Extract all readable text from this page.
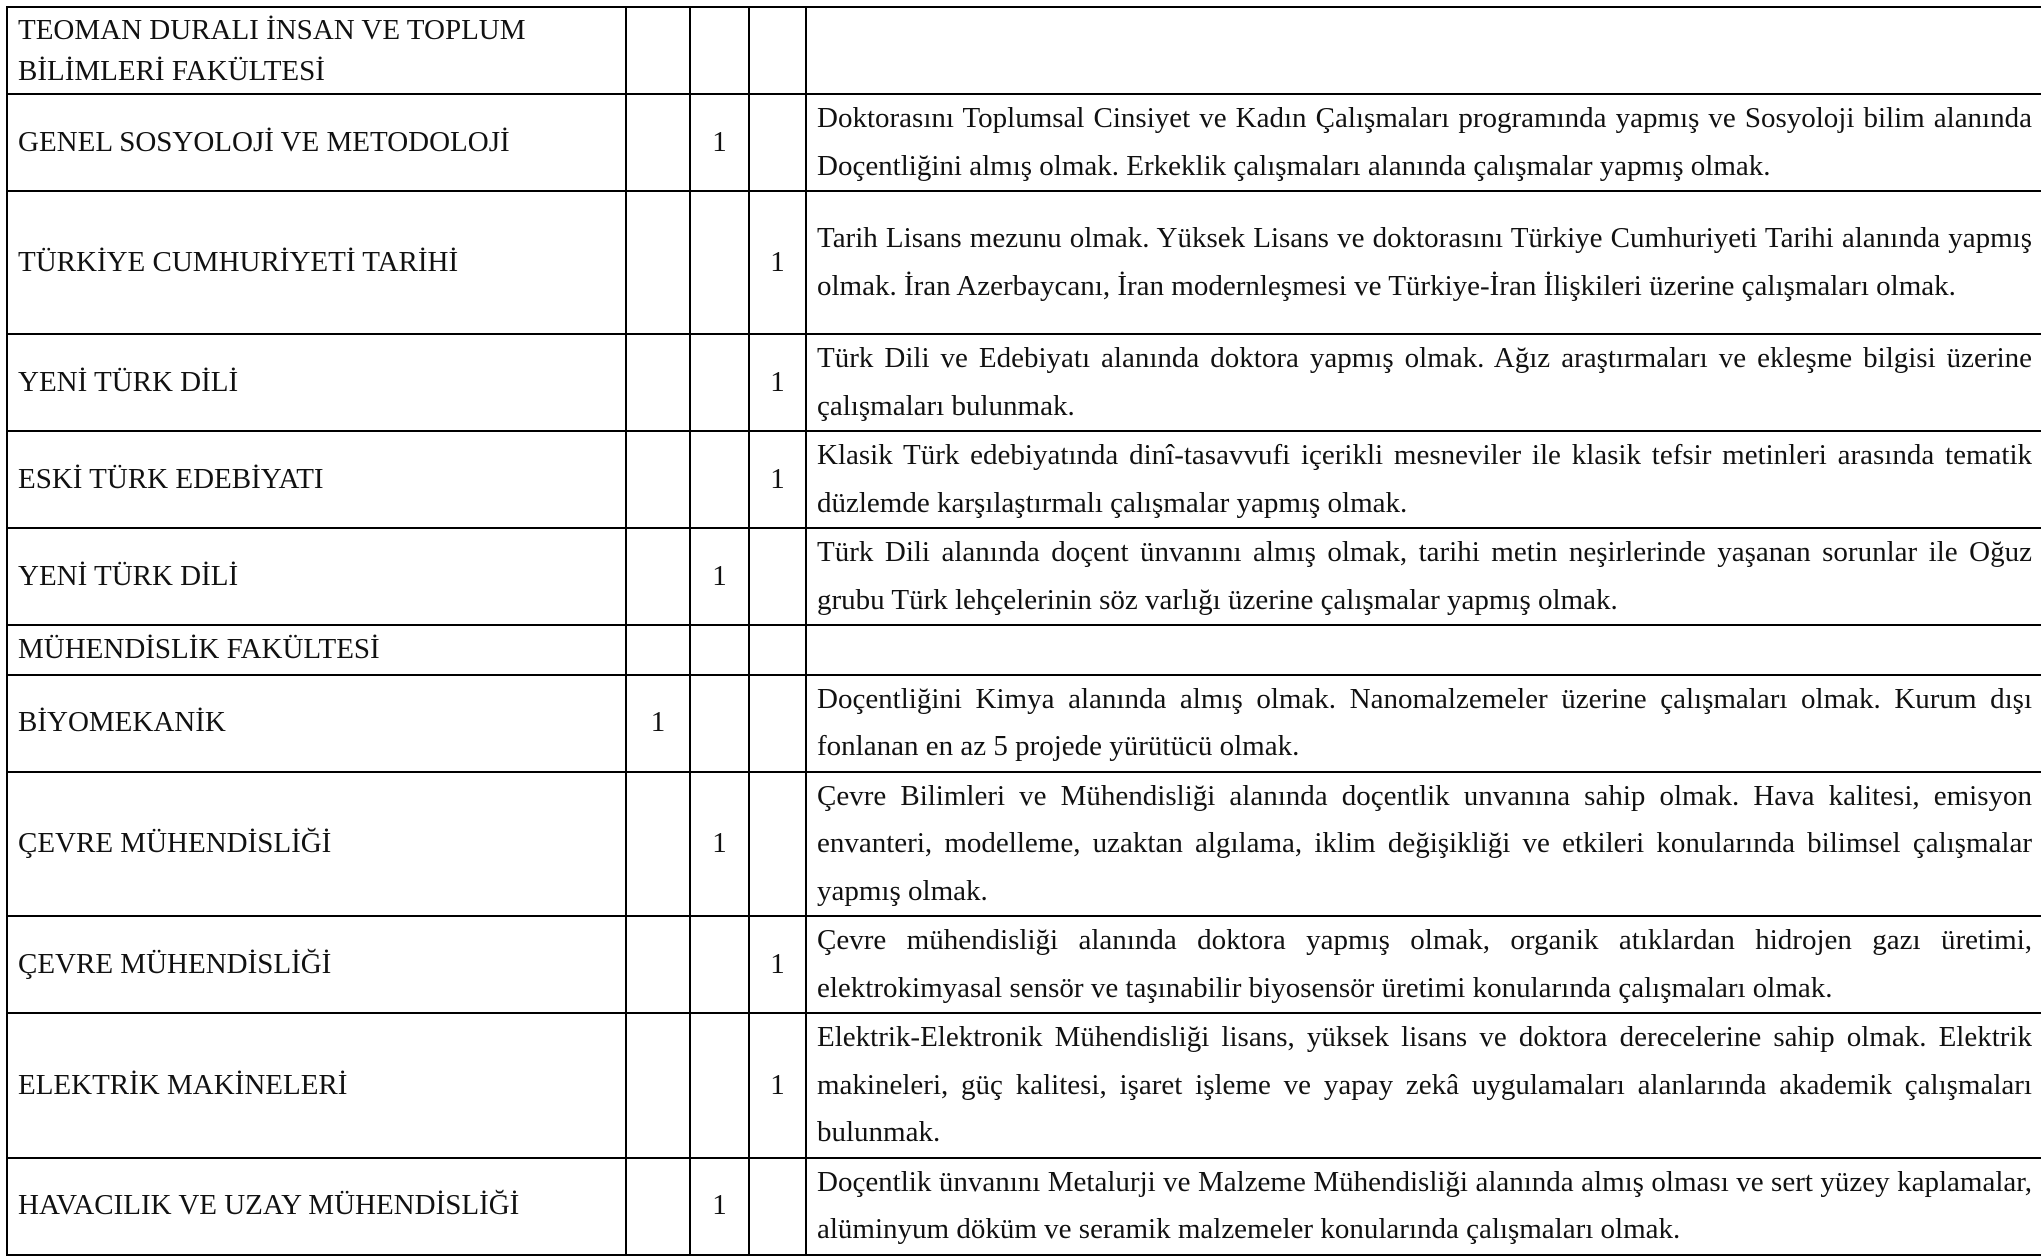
TEOMAN DURALI İNSAN VE TOPLUM BİLİMLERİ FAKÜLTESİ				
GENEL SOSYOLOJİ VE METODOLOJİ		1		Doktorasını Toplumsal Cinsiyet ve Kadın Çalışmaları programında yapmış ve Sosyoloji bilim alanında Doçentliğini almış olmak. Erkeklik çalışmaları alanında çalışmalar yapmış olmak.
TÜRKİYE CUMHURİYETİ TARİHİ			1	Tarih Lisans mezunu olmak. Yüksek Lisans ve doktorasını Türkiye Cumhuriyeti Tarihi alanında yapmış olmak. İran Azerbaycanı, İran modernleşmesi ve Türkiye-İran İlişkileri üzerine çalışmaları olmak.
YENİ TÜRK DİLİ			1	Türk Dili ve Edebiyatı alanında doktora yapmış olmak. Ağız araştırmaları ve ekleşme bilgisi üzerine çalışmaları bulunmak.
ESKİ TÜRK EDEBİYATI			1	Klasik Türk edebiyatında dinî-tasavvufi içerikli mesneviler ile klasik tefsir metinleri arasında tematik düzlemde karşılaştırmalı çalışmalar yapmış olmak.
YENİ TÜRK DİLİ		1		Türk Dili alanında doçent ünvanını almış olmak, tarihi metin neşirlerinde yaşanan sorunlar ile Oğuz grubu Türk lehçelerinin söz varlığı üzerine çalışmalar yapmış olmak.
MÜHENDİSLİK FAKÜLTESİ				
BİYOMEKANİK	1			Doçentliğini Kimya alanında almış olmak. Nanomalzemeler üzerine çalışmaları olmak. Kurum dışı fonlanan en az 5 projede yürütücü olmak.
ÇEVRE MÜHENDİSLİĞİ		1		Çevre Bilimleri ve Mühendisliği alanında doçentlik unvanına sahip olmak. Hava kalitesi, emisyon envanteri, modelleme, uzaktan algılama, iklim değişikliği ve etkileri konularında bilimsel çalışmalar yapmış olmak.
ÇEVRE MÜHENDİSLİĞİ			1	Çevre mühendisliği alanında doktora yapmış olmak, organik atıklardan hidrojen gazı üretimi, elektrokimyasal sensör ve taşınabilir biyosensör üretimi konularında çalışmaları olmak.
ELEKTRİK MAKİNELERİ			1	Elektrik-Elektronik Mühendisliği lisans, yüksek lisans ve doktora derecelerine sahip olmak. Elektrik makineleri, güç kalitesi, işaret işleme ve yapay zekâ uygulamaları alanlarında akademik çalışmaları bulunmak.
HAVACILIK VE UZAY MÜHENDİSLİĞİ		1		Doçentlik ünvanını Metalurji ve Malzeme Mühendisliği alanında almış olması ve sert yüzey kaplamalar, alüminyum döküm ve seramik malzemeler konularında çalışmaları olmak.
